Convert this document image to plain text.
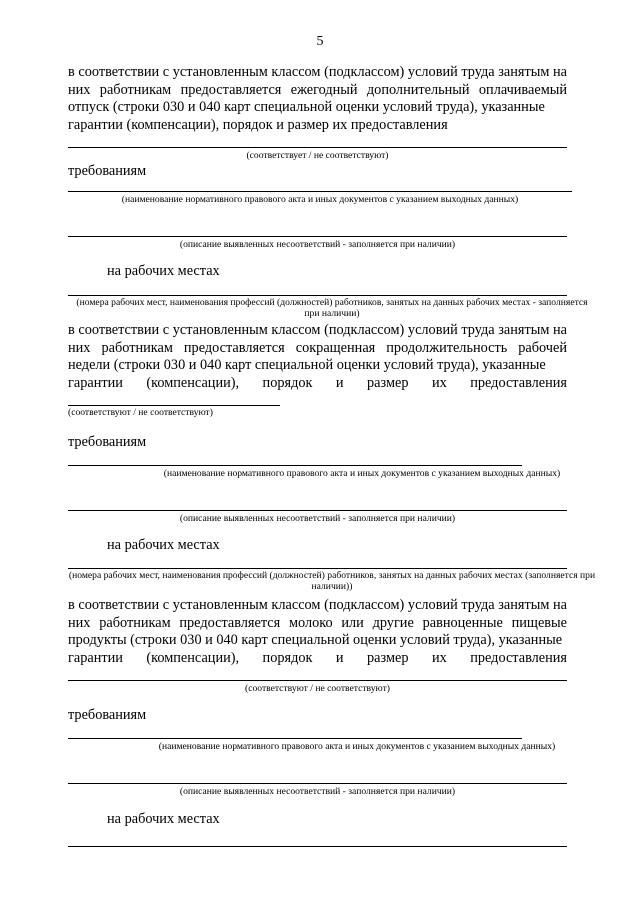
5

в соответствии с установленным классом (подклассом) условий труда занятым на них работникам предоставляется ежегодный дополнительный оплачиваемый отпуск (строки 030 и 040 карт специальной оценки условий труда), указанные
гарантии (компенсации), порядок и размер их предоставления

(соответствует / не соответствуют)
требованиям
(наименование нормативного правового акта и иных документов с указанием выходных данных)
(описание выявленных несоответствий - заполняется при наличии)
на рабочих местах
(номера рабочих мест, наименования профессий (должностей) работников, занятых на данных рабочих местах - заполняется при наличии)

в соответствии с установленным классом (подклассом) условий труда занятым на них работникам предоставляется сокращенная продолжительность рабочей недели (строки 030 и 040 карт специальной оценки условий труда), указанные
гарантии (компенсации), порядок и размер их предоставления

(соответствуют / не соответствуют)
требованиям
(наименование нормативного правового акта и иных документов с указанием выходных данных)
(описание выявленных несоответствий - заполняется при наличии)
на рабочих местах
(номера рабочих мест, наименования профессий (должностей) работников, занятых на данных рабочих местах (заполняется при наличии))

в соответствии с установленным классом (подклассом) условий труда занятым на них работникам предоставляется молоко или другие равноценные пищевые продукты (строки 030 и 040 карт специальной оценки условий труда), указанные
гарантии (компенсации), порядок и размер их предоставления

(соответствуют / не соответствуют)
требованиям
(наименование нормативного правового акта и иных документов с указанием выходных данных)
(описание выявленных несоответствий - заполняется при наличии)
на рабочих местах
